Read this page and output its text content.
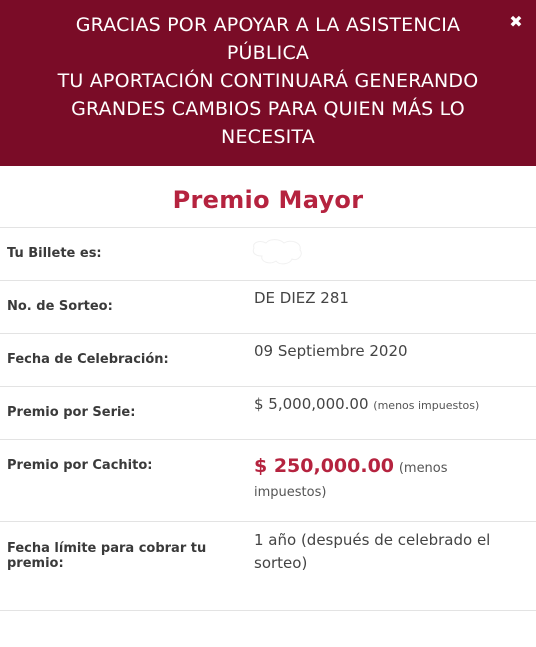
GRACIAS POR APOYAR A LA ASISTENCIA
PÚBLICA
TU APORTACIÓN CONTINUARÁ GENERANDO
GRANDES CAMBIOS PARA QUIEN MÁS LO
NECESITA
✖
Premio Mayor
Tu Billete es:
No. de Sorteo:	DE DIEZ 281
Fecha de Celebración:	09 Septiembre 2020
Premio por Serie:	$ 5,000,000.00 (menos impuestos)
Premio por Cachito:	$ 250,000.00 (menos impuestos)
Fecha límite para cobrar tu premio:
1 año (después de celebrado el sorteo)
